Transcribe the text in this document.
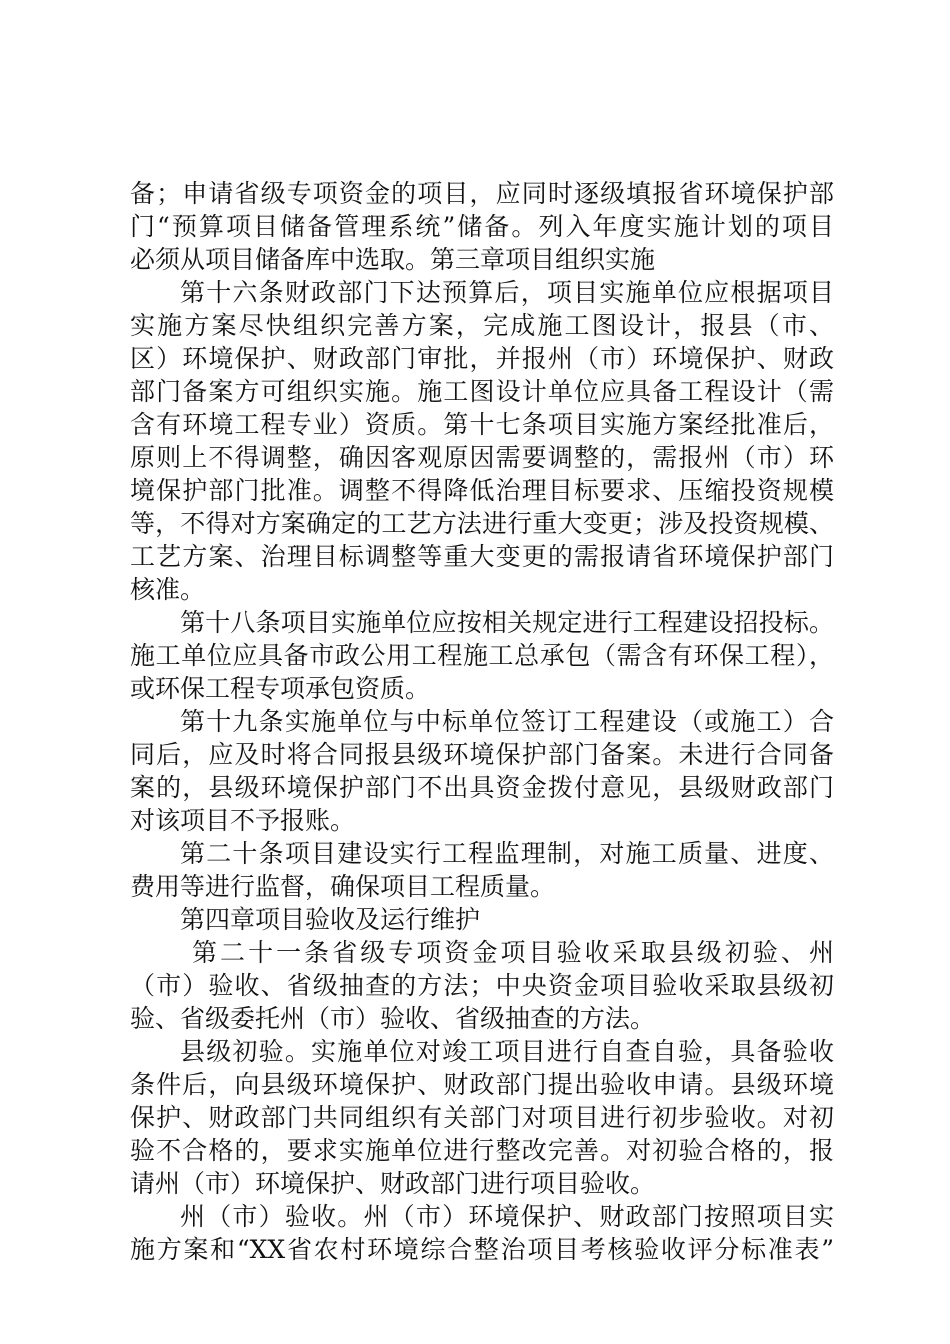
备；申请省级专项资金的项目，应同时逐级填报省环境保护部
门“预算项目储备管理系统”储备。列入年度实施计划的项目
必须从项目储备库中选取。第三章项目组织实施
第十六条财政部门下达预算后，项目实施单位应根据项目
实施方案尽快组织完善方案，完成施工图设计，报县（市、
区）环境保护、财政部门审批，并报州（市）环境保护、财政
部门备案方可组织实施。施工图设计单位应具备工程设计（需
含有环境工程专业）资质。第十七条项目实施方案经批准后，
原则上不得调整，确因客观原因需要调整的，需报州（市）环
境保护部门批准。调整不得降低治理目标要求、压缩投资规模
等，不得对方案确定的工艺方法进行重大变更；涉及投资规模、
工艺方案、治理目标调整等重大变更的需报请省环境保护部门
核准。
第十八条项目实施单位应按相关规定进行工程建设招投标。
施工单位应具备市政公用工程施工总承包（需含有环保工程），
或环保工程专项承包资质。
第十九条实施单位与中标单位签订工程建设（或施工）合
同后，应及时将合同报县级环境保护部门备案。未进行合同备
案的，县级环境保护部门不出具资金拨付意见，县级财政部门
对该项目不予报账。
第二十条项目建设实行工程监理制，对施工质量、进度、
费用等进行监督，确保项目工程质量。
第四章项目验收及运行维护
第二十一条省级专项资金项目验收采取县级初验、州
（市）验收、省级抽查的方法；中央资金项目验收采取县级初
验、省级委托州（市）验收、省级抽查的方法。
县级初验。实施单位对竣工项目进行自查自验，具备验收
条件后，向县级环境保护、财政部门提出验收申请。县级环境
保护、财政部门共同组织有关部门对项目进行初步验收。对初
验不合格的，要求实施单位进行整改完善。对初验合格的，报
请州（市）环境保护、财政部门进行项目验收。
州（市）验收。州（市）环境保护、财政部门按照项目实
施方案和“XX省农村环境综合整治项目考核验收评分标准表”
